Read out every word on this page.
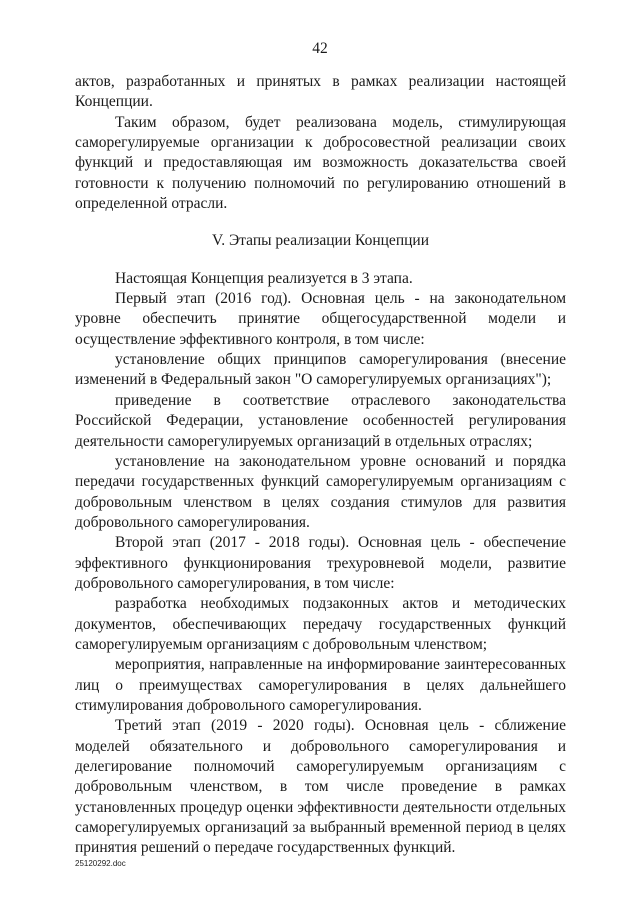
42

актов, разработанных и принятых в рамках реализации настоящей Концепции.

Таким образом, будет реализована модель, стимулирующая саморегулируемые организации к добросовестной реализации своих функций и предоставляющая им возможность доказательства своей готовности к получению полномочий по регулированию отношений в определенной отрасли.

V. Этапы реализации Концепции

Настоящая Концепция реализуется в 3 этапа.

Первый этап (2016 год). Основная цель - на законодательном уровне обеспечить принятие общегосударственной модели и осуществление эффективного контроля, в том числе:

установление общих принципов саморегулирования (внесение изменений в Федеральный закон "О саморегулируемых организациях");

приведение в соответствие отраслевого законодательства Российской Федерации, установление особенностей регулирования деятельности саморегулируемых организаций в отдельных отраслях;

установление на законодательном уровне оснований и порядка передачи государственных функций саморегулируемым организациям с добровольным членством в целях создания стимулов для развития добровольного саморегулирования.

Второй этап (2017 - 2018 годы). Основная цель - обеспечение эффективного функционирования трехуровневой модели, развитие добровольного саморегулирования, в том числе:

разработка необходимых подзаконных актов и методических документов, обеспечивающих передачу государственных функций саморегулируемым организациям с добровольным членством;

мероприятия, направленные на информирование заинтересованных лиц о преимуществах саморегулирования в целях дальнейшего стимулирования добровольного саморегулирования.

Третий этап (2019 - 2020 годы). Основная цель - сближение моделей обязательного и добровольного саморегулирования и делегирование полномочий саморегулируемым организациям с добровольным членством, в том числе проведение в рамках установленных процедур оценки эффективности деятельности отдельных саморегулируемых организаций за выбранный временной период в целях принятия решений о передаче государственных функций.

25120292.doc
